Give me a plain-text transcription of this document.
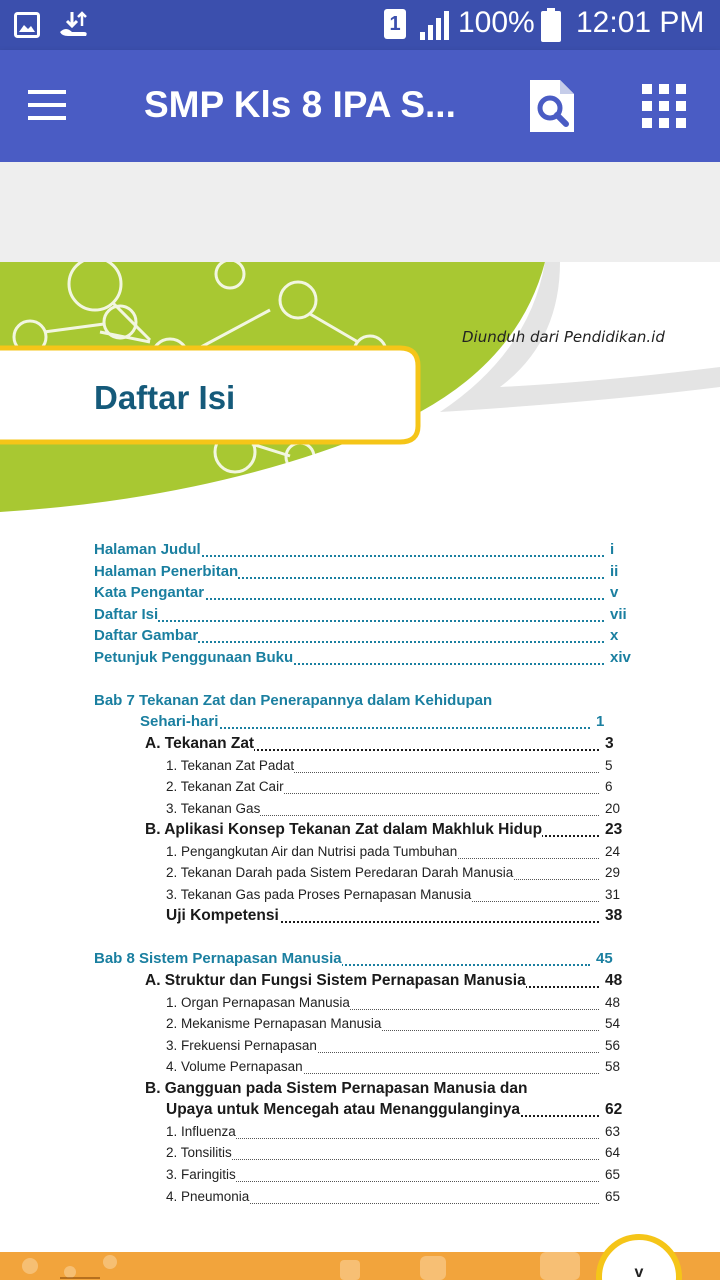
1 100% 12:01 PM
SMP Kls 8 IPA S...
Diunduh dari Pendidikan.id
Daftar Isi
Halaman Judul	i
Halaman Penerbitan	ii
Kata Pengantar	v
Daftar Isi	vii
Daftar Gambar	x
Petunjuk Penggunaan Buku	xiv
Bab 7 Tekanan Zat dan Penerapannya dalam Kehidupan
Sehari-hari	1
A. Tekanan Zat	3
1. Tekanan Zat Padat	5
2. Tekanan Zat Cair	6
3. Tekanan Gas	20
B. Aplikasi Konsep Tekanan Zat dalam Makhluk Hidup	23
1. Pengangkutan Air dan Nutrisi pada Tumbuhan	24
2. Tekanan Darah pada Sistem Peredaran Darah Manusia	29
3. Tekanan Gas pada Proses Pernapasan Manusia	31
Uji Kompetensi	38
Bab 8 Sistem Pernapasan Manusia	45
A. Struktur dan Fungsi Sistem Pernapasan Manusia	48
1. Organ Pernapasan Manusia	48
2. Mekanisme Pernapasan Manusia	54
3. Frekuensi Pernapasan	56
4. Volume Pernapasan	58
B. Gangguan pada Sistem Pernapasan Manusia dan
Upaya untuk Mencegah atau Menanggulanginya	62
1. Influenza	63
2. Tonsilitis	64
3. Faringitis	65
4. Pneumonia	65
v
